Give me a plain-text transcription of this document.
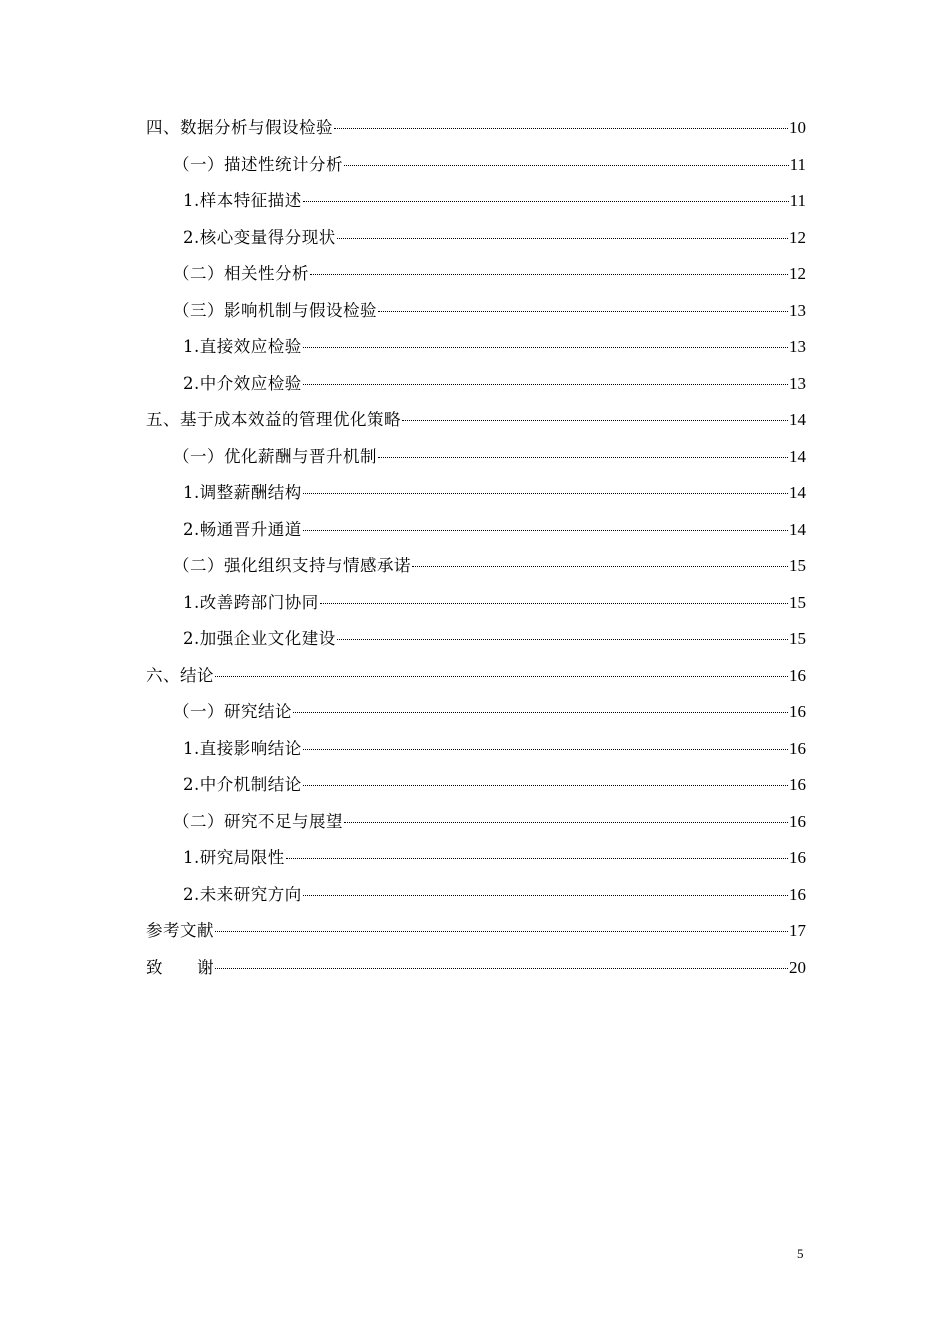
四、数据分析与假设检验	10
（一）描述性统计分析	11
1.样本特征描述	11
2.核心变量得分现状	12
（二）相关性分析	12
（三）影响机制与假设检验	13
1.直接效应检验	13
2.中介效应检验	13
五、基于成本效益的管理优化策略	14
（一）优化薪酬与晋升机制	14
1.调整薪酬结构	14
2.畅通晋升通道	14
（二）强化组织支持与情感承诺	15
1.改善跨部门协同	15
2.加强企业文化建设	15
六、结论	16
（一）研究结论	16
1.直接影响结论	16
2.中介机制结论	16
（二）研究不足与展望	16
1.研究局限性	16
2.未来研究方向	16
参考文献	17
致　　谢	20
5
